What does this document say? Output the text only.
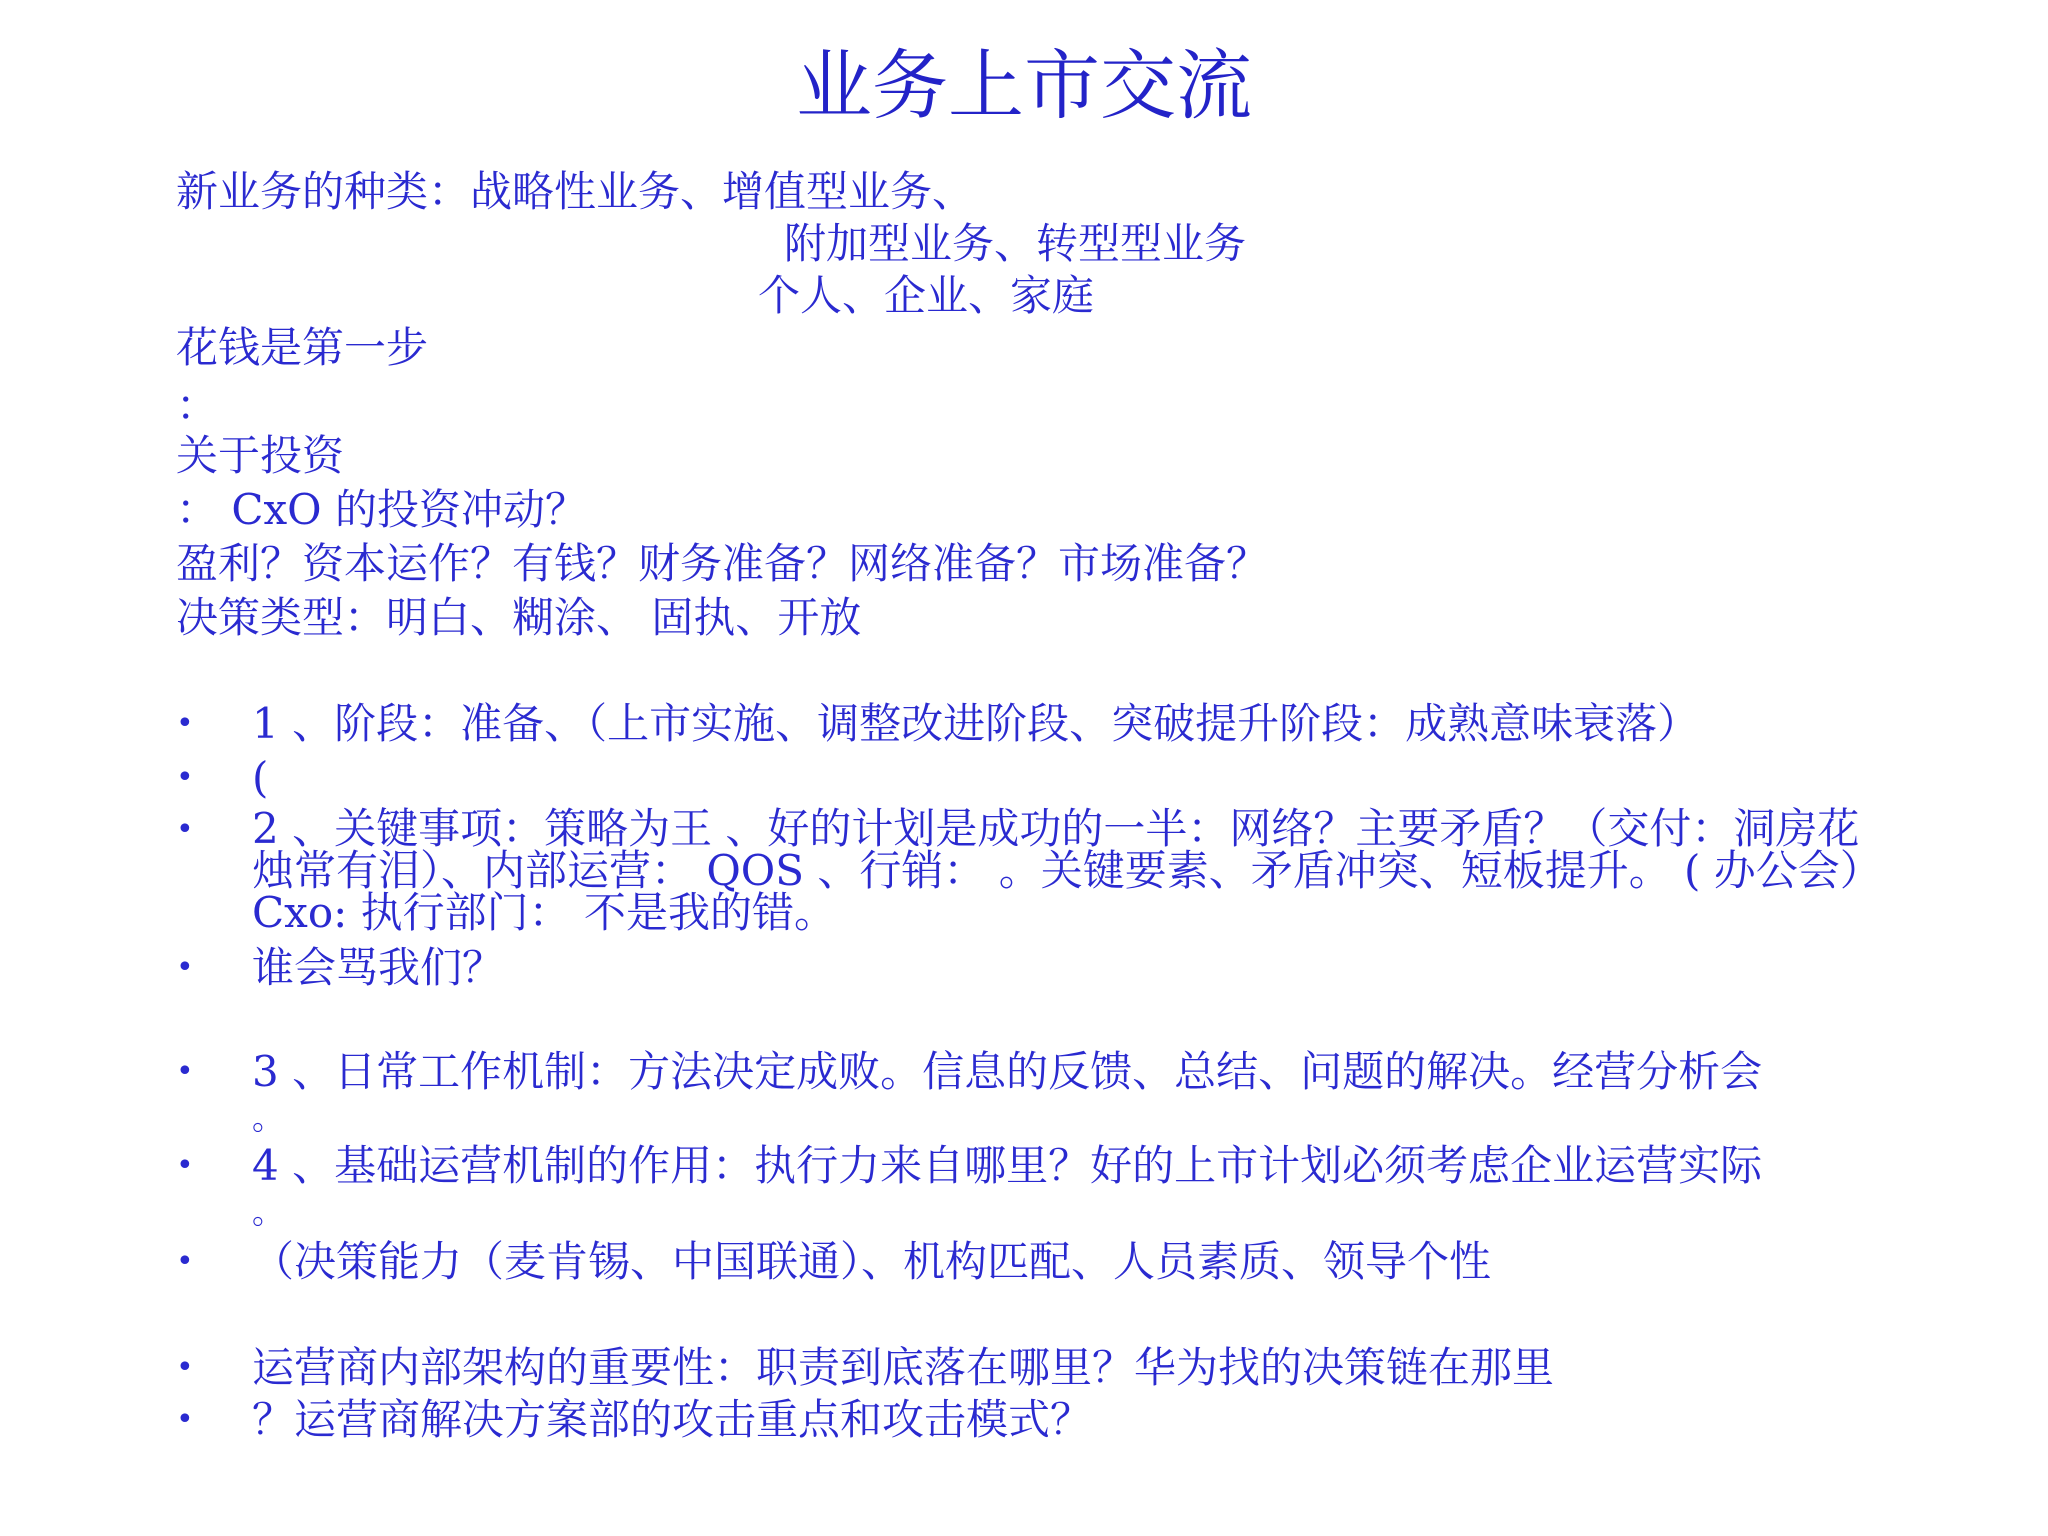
业务上市交流
新业务的种类：战略性业务、增值型业务、
附加型业务、转型型业务
个人、企业、家庭
花钱是第一步
：
关于投资
： CxO 的投资冲动？
盈利？资本运作？有钱？财务准备？网络准备？市场准备？
决策类型：明白、糊涂、 固执、开放
• 1 、阶段：准备、（上市实施、调整改进阶段、突破提升阶段：成熟意味衰落）
• (
• 2 、关键事项：策略为王 、好的计划是成功的一半：网络？主要矛盾？（交付：洞房花烛常有泪）、内部运营： QOS 、行销： 。关键要素、矛盾冲突、短板提升。 ( 办公会） Cxo: 执行部门： 不是我的错。
• 谁会骂我们？
• 3 、日常工作机制：方法决定成败。信息的反馈、总结、问题的解决。经营分析会
。
• 4 、基础运营机制的作用：执行力来自哪里？好的上市计划必须考虑企业运营实际
。
• （决策能力（麦肯锡、中国联通）、机构匹配、人员素质、领导个性
• 运营商内部架构的重要性：职责到底落在哪里？华为找的决策链在那里
• ？运营商解决方案部的攻击重点和攻击模式？
